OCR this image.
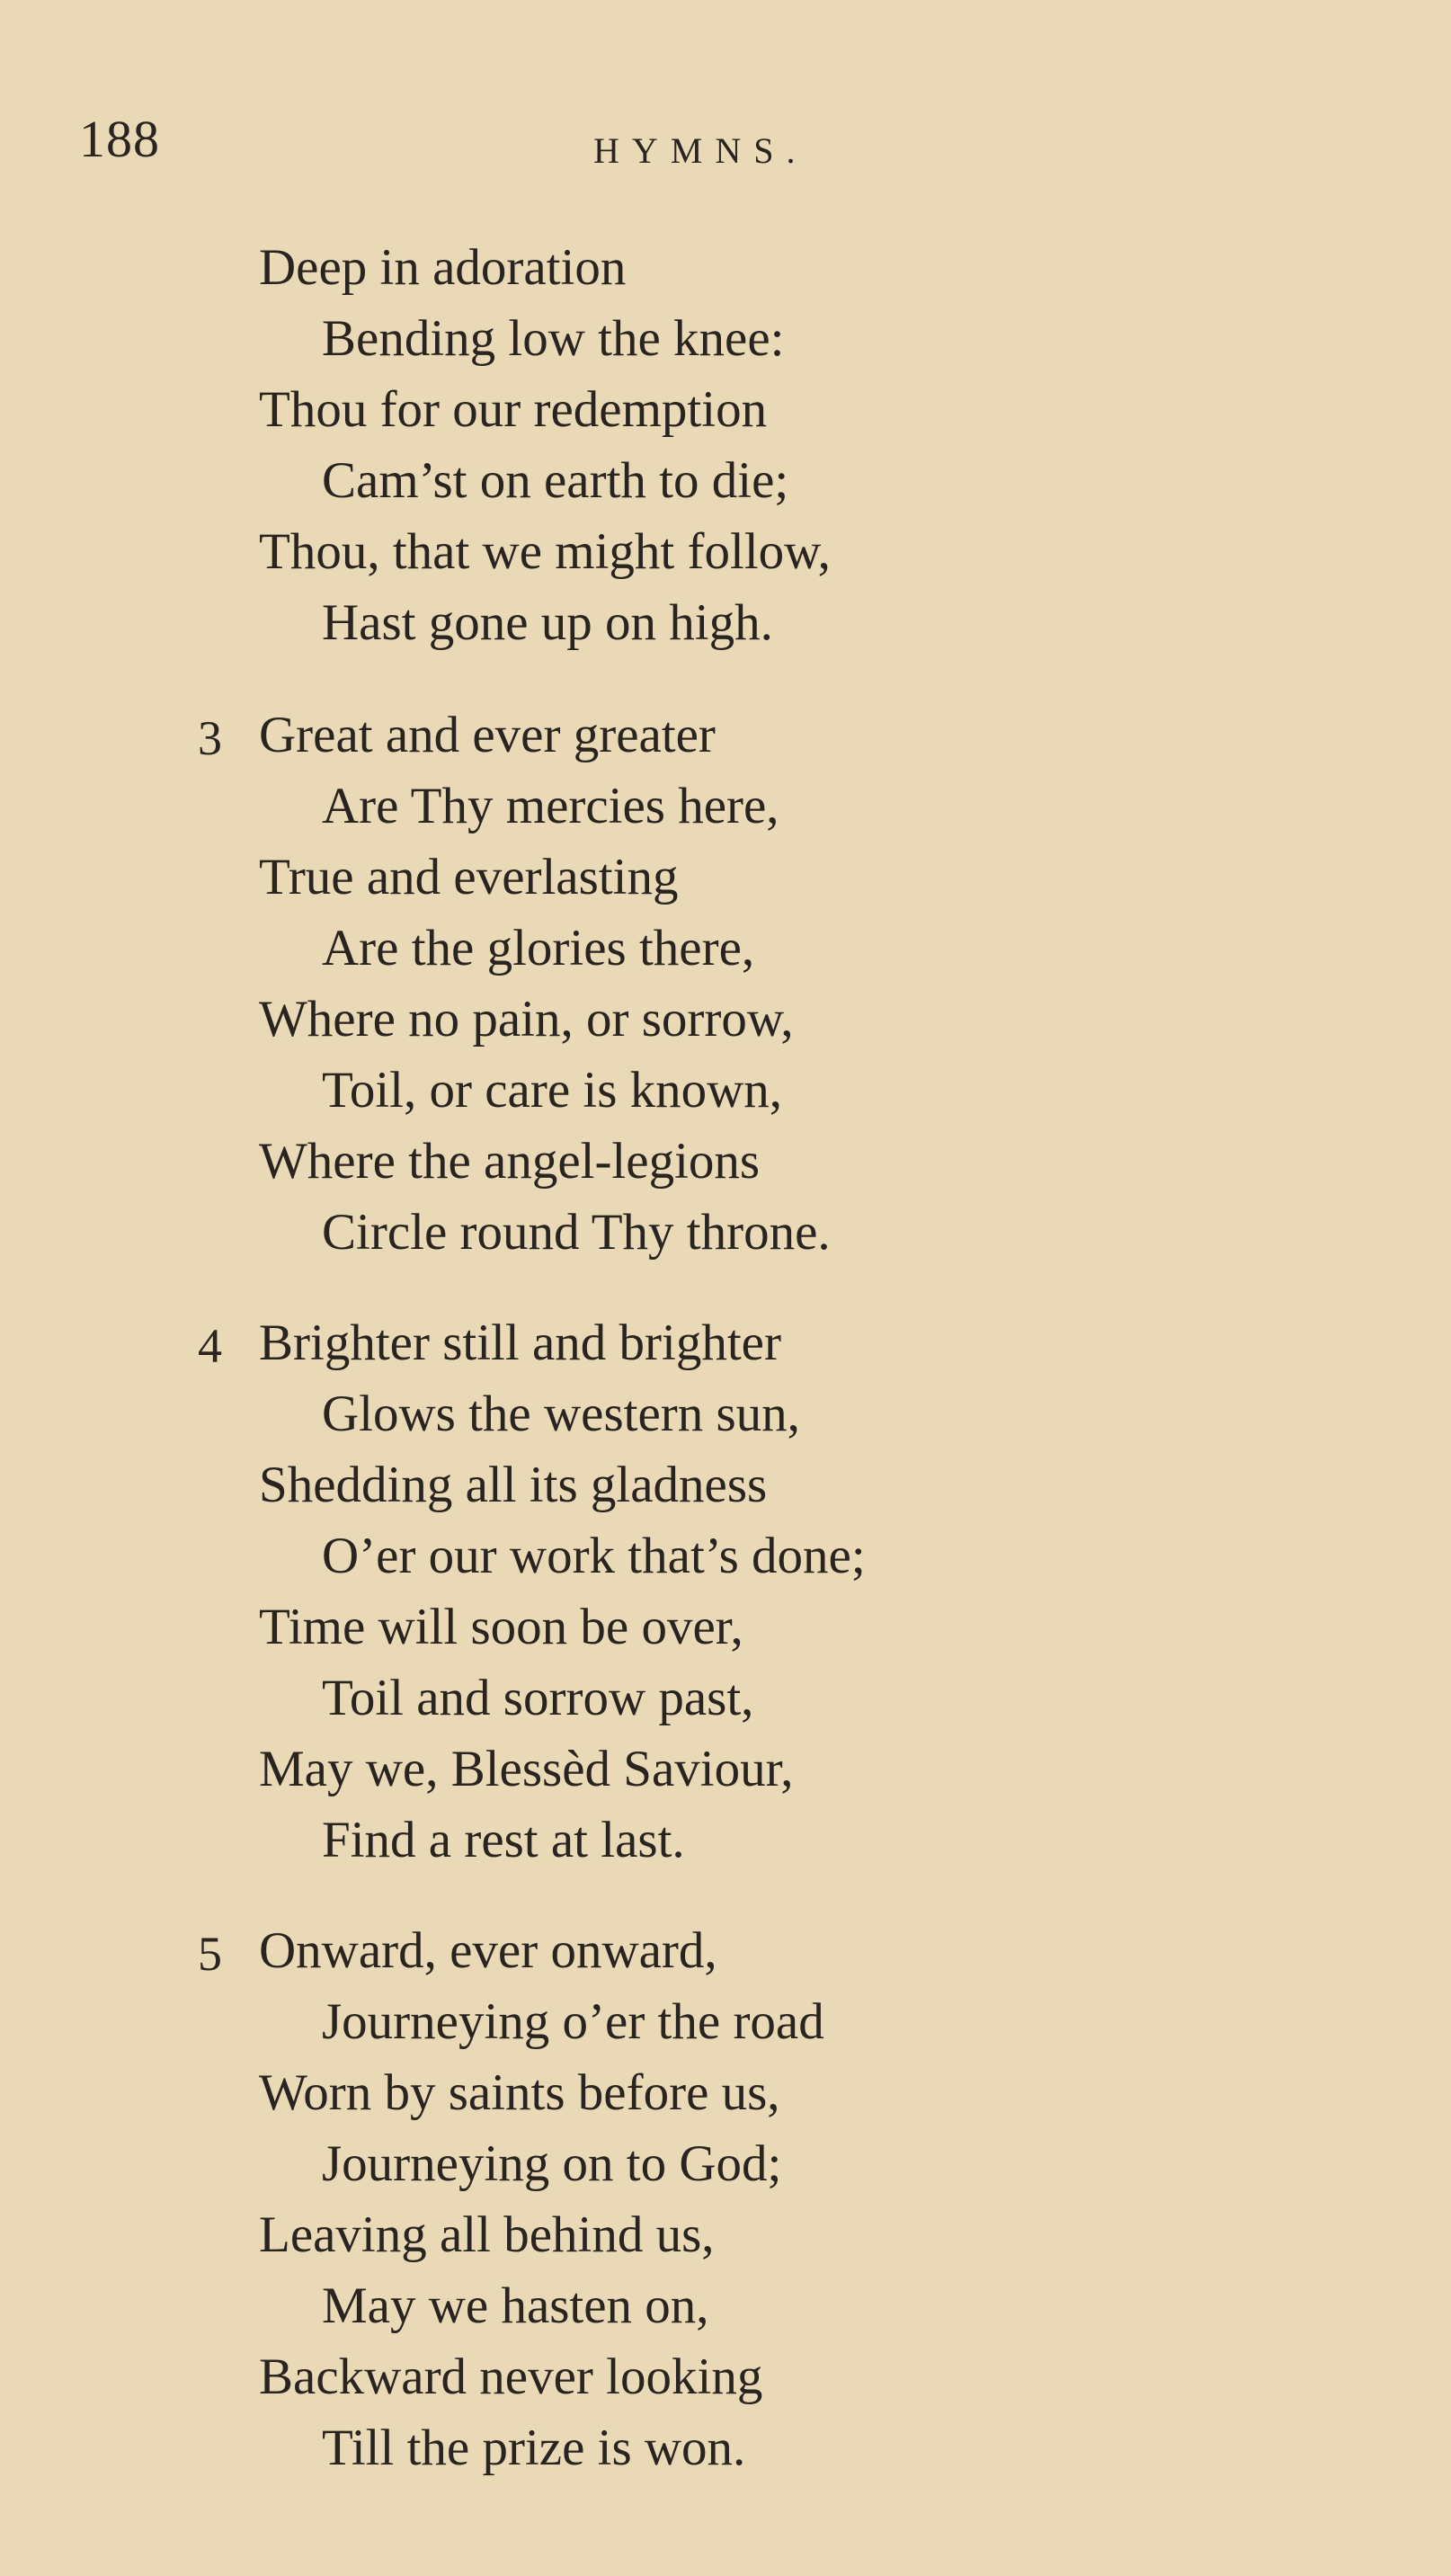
188	HYMNS.
Deep in adoration
Bending low the knee:
Thou for our redemption
Cam’st on earth to die;
Thou, that we might follow,
Hast gone up on high.
3 Great and ever greater
Are Thy mercies here,
True and everlasting
Are the glories there,
Where no pain, or sorrow,
Toil, or care is known,
Where the angel-legions
Circle round Thy throne.
4 Brighter still and brighter
Glows the western sun,
Shedding all its gladness
O’er our work that’s done;
Time will soon be over,
Toil and sorrow past,
May we, Blessèd Saviour,
Find a rest at last.
5 Onward, ever onward,
Journeying o’er the road
Worn by saints before us,
Journeying on to God;
Leaving all behind us,
May we hasten on,
Backward never looking
Till the prize is won.
